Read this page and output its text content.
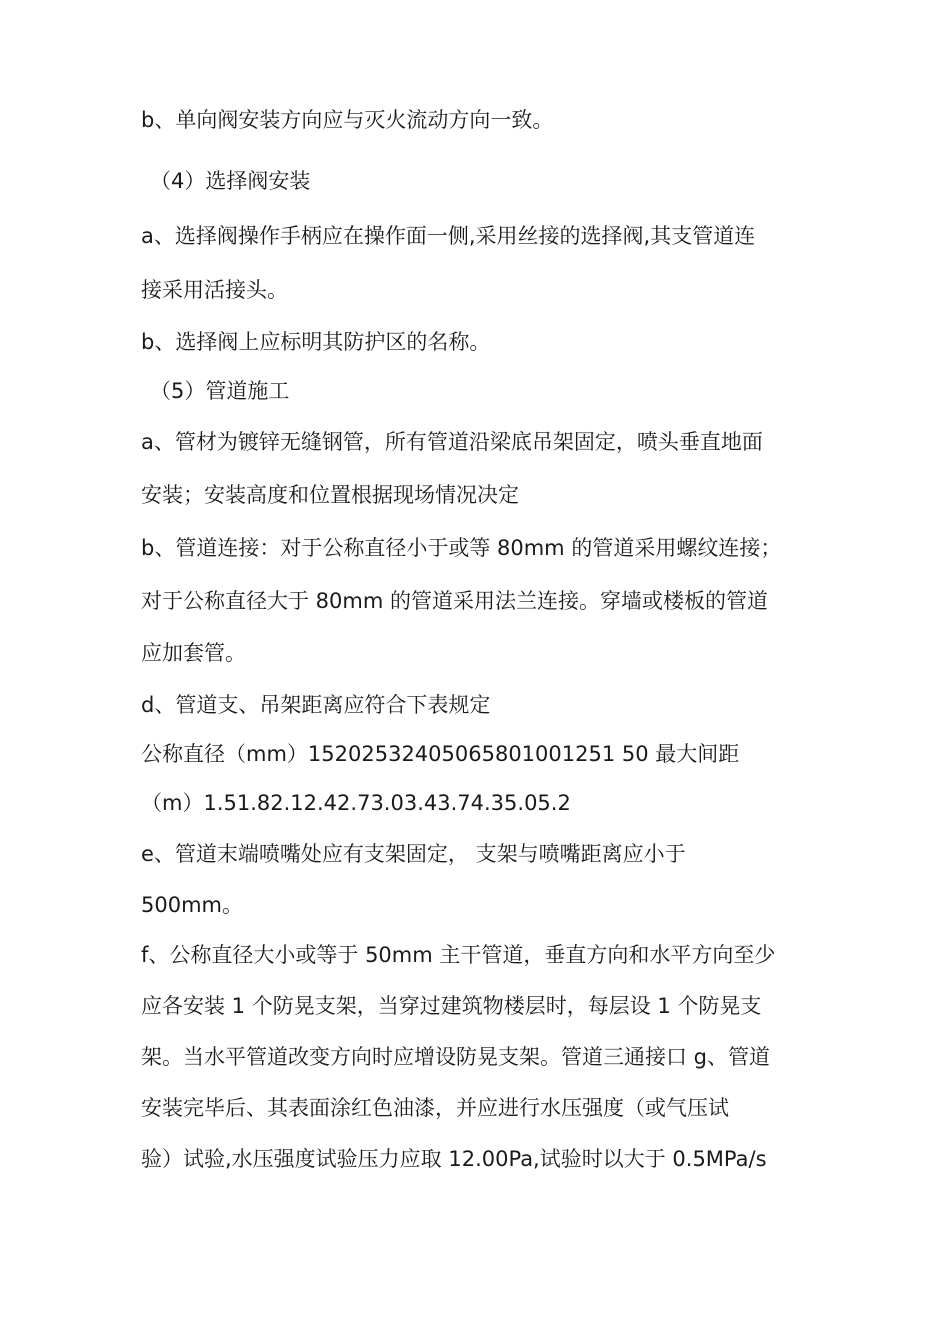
b、单向阀安装方向应与灭火流动方向一致。
（4）选择阀安装
a、选择阀操作手柄应在操作面一侧,采用丝接的选择阀,其支管道连
接采用活接头。
b、选择阀上应标明其防护区的名称。
（5）管道施工
a、管材为镀锌无缝钢管，所有管道沿梁底吊架固定，喷头垂直地面
安装；安装高度和位置根据现场情况决定
b、管道连接：对于公称直径小于或等 80mm 的管道采用螺纹连接；
对于公称直径大于 80mm 的管道采用法兰连接。穿墙或楼板的管道
应加套管。
d、管道支、吊架距离应符合下表规定
公称直径（mm）15202532405065801001251 50 最大间距
（m）1.51.82.12.42.73.03.43.74.35.05.2
e、管道末端喷嘴处应有支架固定， 支架与喷嘴距离应小于
500mm。
f、公称直径大小或等于 50mm 主干管道，垂直方向和水平方向至少
应各安装 1 个防晃支架，当穿过建筑物楼层时，每层设 1 个防晃支
架。当水平管道改变方向时应增设防晃支架。管道三通接口 g、管道
安装完毕后、其表面涂红色油漆，并应进行水压强度（或气压试
验）试验,水压强度试验压力应取 12.00Pa,试验时以大于 0.5MPa/s
